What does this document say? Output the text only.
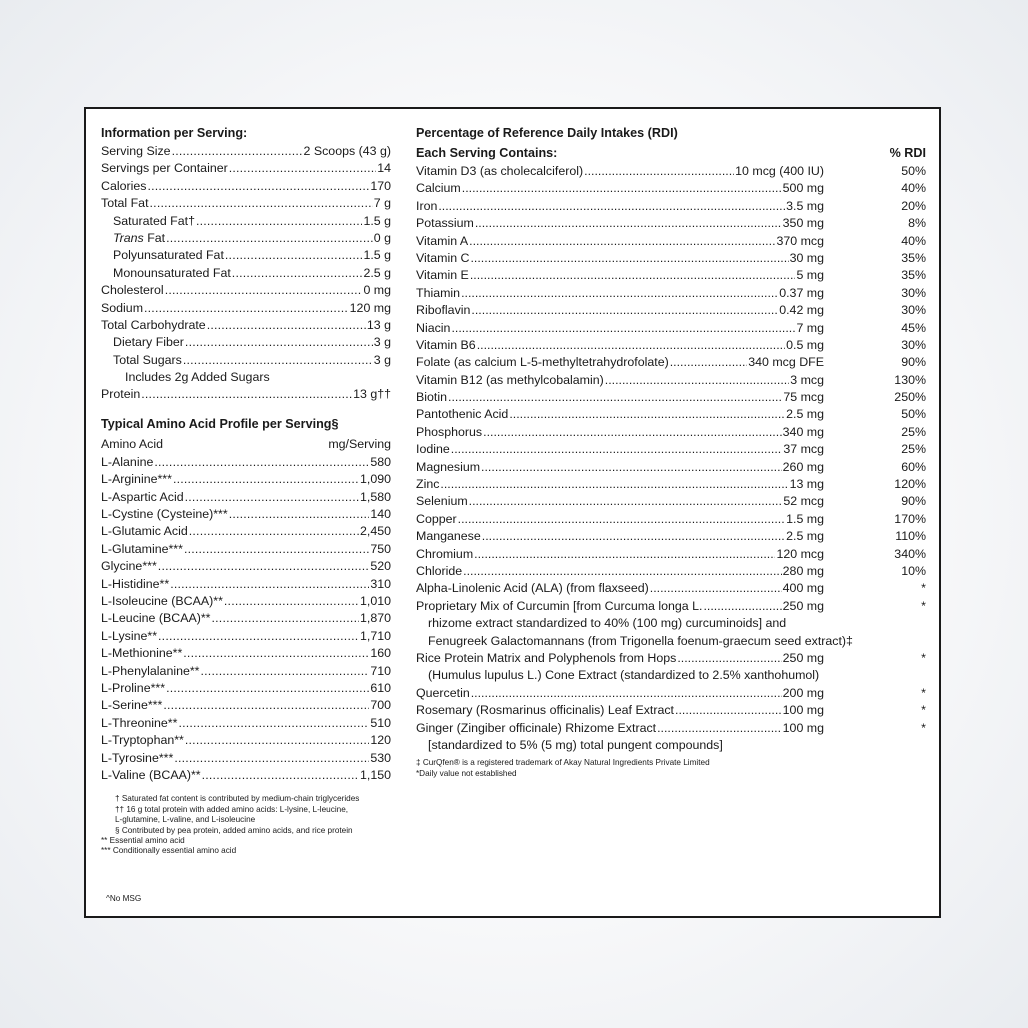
Information per Serving:
Serving Size .....	2 Scoops (43 g)
Servings per Container .....	14
Calories .....	170
Total Fat .....	7 g
Saturated Fat† .....	1.5 g
Trans Fat .....	0 g
Polyunsaturated Fat .....	1.5 g
Monounsaturated Fat .....	2.5 g
Cholesterol .....	0 mg
Sodium .....	120 mg
Total Carbohydrate .....	13 g
Dietary Fiber .....	3 g
Total Sugars .....	3 g
Includes 2g Added Sugars
Protein .....	13 g††
Typical Amino Acid Profile per Serving§
Amino Acid	mg/Serving
L-Alanine .....	580
L-Arginine*** .....	1,090
L-Aspartic Acid .....	1,580
L-Cystine (Cysteine)*** .....	140
L-Glutamic Acid .....	2,450
L-Glutamine*** .....	750
Glycine*** .....	520
L-Histidine** .....	310
L-Isoleucine (BCAA)** .....	1,010
L-Leucine (BCAA)** .....	1,870
L-Lysine** .....	1,710
L-Methionine** .....	160
L-Phenylalanine** .....	710
L-Proline*** .....	610
L-Serine*** .....	700
L-Threonine** .....	510
L-Tryptophan** .....	120
L-Tyrosine*** .....	530
L-Valine (BCAA)** .....	1,150
† Saturated fat content is contributed by medium-chain triglycerides
†† 16 g total protein with added amino acids: L-lysine, L-leucine,
L-glutamine, L-valine, and L-isoleucine
§ Contributed by pea protein, added amino acids, and rice protein
** Essential amino acid
*** Conditionally essential amino acid
Percentage of Reference Daily Intakes (RDI)
Each Serving Contains:	% RDI
Vitamin D3 (as cholecalciferol) .....	10 mcg (400 IU)	50%
Calcium .....	500 mg	40%
Iron .....	3.5 mg	20%
Potassium .....	350 mg	8%
Vitamin A .....	370 mcg	40%
Vitamin C .....	30 mg	35%
Vitamin E .....	5 mg	35%
Thiamin .....	0.37 mg	30%
Riboflavin .....	0.42 mg	30%
Niacin .....	7 mg	45%
Vitamin B6 .....	0.5 mg	30%
Folate (as calcium L-5-methyltetrahydrofolate) .....	340 mcg DFE	90%
Vitamin B12 (as methylcobalamin) .....	3 mcg	130%
Biotin .....	75 mcg	250%
Pantothenic Acid .....	2.5 mg	50%
Phosphorus .....	340 mg	25%
Iodine .....	37 mcg	25%
Magnesium .....	260 mg	60%
Zinc .....	13 mg	120%
Selenium .....	52 mcg	90%
Copper .....	1.5 mg	170%
Manganese .....	2.5 mg	110%
Chromium .....	120 mcg	340%
Chloride .....	280 mg	10%
Alpha-Linolenic Acid (ALA) (from flaxseed) .....	400 mg	*
Proprietary Mix of Curcumin [from Curcuma longa L. .....	250 mg	*
rhizome extract standardized to 40% (100 mg) curcuminoids] and
Fenugreek Galactomannans (from Trigonella foenum-graecum seed extract)‡
Rice Protein Matrix and Polyphenols from Hops .....	250 mg	*
(Humulus lupulus L.) Cone Extract (standardized to 2.5% xanthohumol)
Quercetin .....	200 mg	*
Rosemary (Rosmarinus officinalis) Leaf Extract .....	100 mg	*
Ginger (Zingiber officinale) Rhizome Extract .....	100 mg	*
[standardized to 5% (5 mg) total pungent compounds]
‡ CurQfen® is a registered trademark of Akay Natural Ingredients Private Limited
*Daily value not established
^No MSG
